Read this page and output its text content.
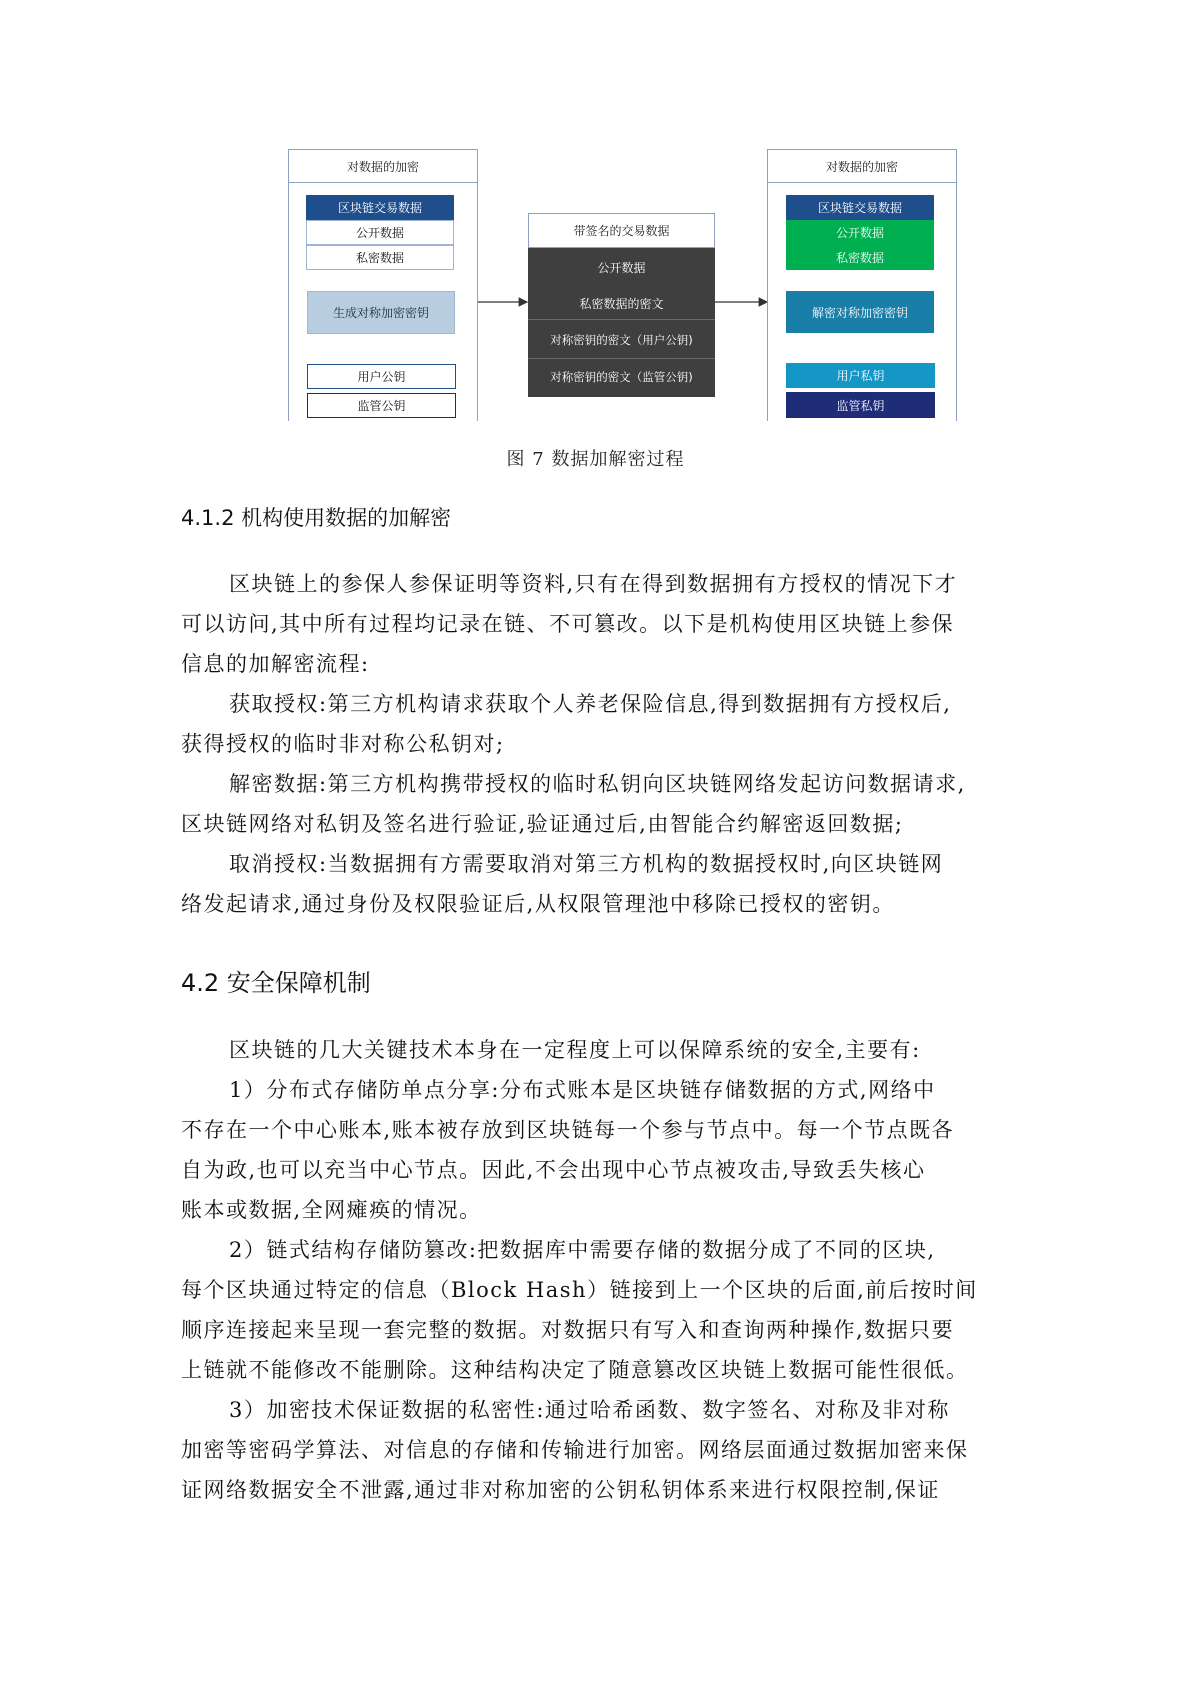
对数据的加密
区块链交易数据
公开数据
私密数据
生成对称加密密钥
用户公钥
监管公钥
带签名的交易数据
公开数据
私密数据的密文
对称密钥的密文（用户公钥)
对称密钥的密文（监管公钥)
对数据的加密
区块链交易数据
公开数据
私密数据
解密对称加密密钥
用户私钥
监管私钥
图 7 数据加解密过程
4.1.2 机构使用数据的加解密
区块链上的参保人参保证明等资料,只有在得到数据拥有方授权的情况下才
可以访问,其中所有过程均记录在链、不可篡改。以下是机构使用区块链上参保
信息的加解密流程:
获取授权:第三方机构请求获取个人养老保险信息,得到数据拥有方授权后,
获得授权的临时非对称公私钥对;
解密数据:第三方机构携带授权的临时私钥向区块链网络发起访问数据请求,
区块链网络对私钥及签名进行验证,验证通过后,由智能合约解密返回数据;
取消授权:当数据拥有方需要取消对第三方机构的数据授权时,向区块链网
络发起请求,通过身份及权限验证后,从权限管理池中移除已授权的密钥。
4.2 安全保障机制
区块链的几大关键技术本身在一定程度上可以保障系统的安全,主要有:
1）分布式存储防单点分享:分布式账本是区块链存储数据的方式,网络中
不存在一个中心账本,账本被存放到区块链每一个参与节点中。每一个节点既各
自为政,也可以充当中心节点。因此,不会出现中心节点被攻击,导致丢失核心
账本或数据,全网瘫痪的情况。
2）链式结构存储防篡改:把数据库中需要存储的数据分成了不同的区块,
每个区块通过特定的信息（Block Hash）链接到上一个区块的后面,前后按时间
顺序连接起来呈现一套完整的数据。对数据只有写入和查询两种操作,数据只要
上链就不能修改不能删除。这种结构决定了随意篡改区块链上数据可能性很低。
3）加密技术保证数据的私密性:通过哈希函数、数字签名、对称及非对称
加密等密码学算法、对信息的存储和传输进行加密。网络层面通过数据加密来保
证网络数据安全不泄露,通过非对称加密的公钥私钥体系来进行权限控制,保证
